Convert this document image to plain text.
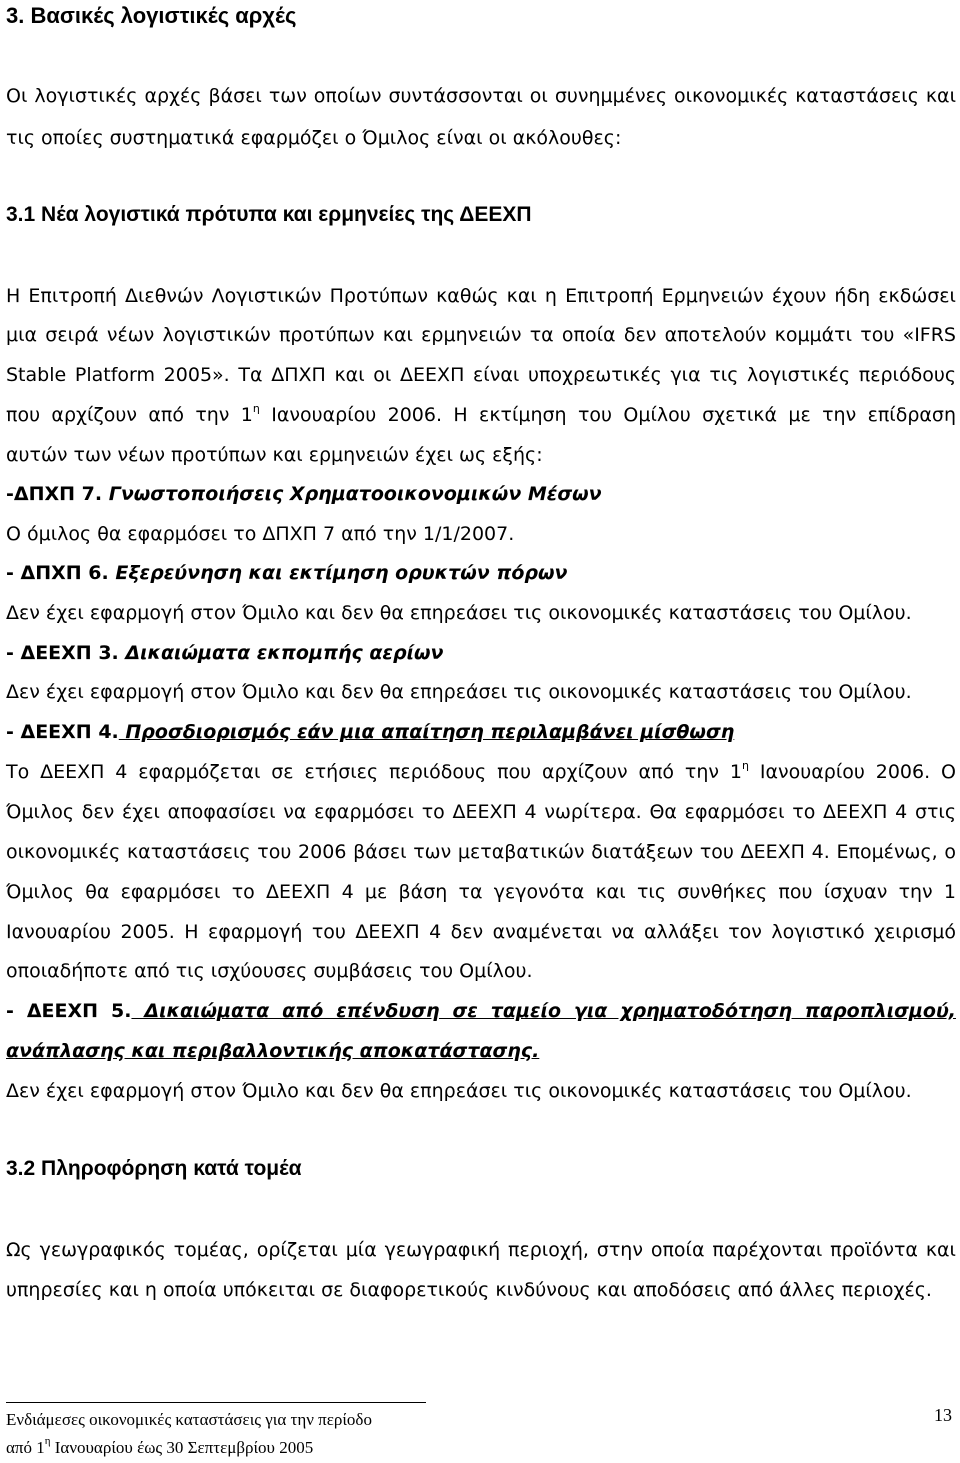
3. Βασικές λογιστικές αρχές
Οι λογιστικές αρχές βάσει των οποίων συντάσσονται οι συνημμένες οικονομικές καταστάσεις και
τις οποίες συστηματικά εφαρμόζει ο Όμιλος είναι οι ακόλουθες:
3.1 Νέα λογιστικά πρότυπα και ερμηνείες της ΔΕΕΧΠ
Η Επιτροπή Διεθνών Λογιστικών Προτύπων καθώς και η Επιτροπή Ερμηνειών έχουν ήδη εκδώσει
μια σειρά νέων λογιστικών προτύπων και ερμηνειών τα οποία δεν αποτελούν κομμάτι του «IFRS
Stable Platform 2005». Τα ΔΠΧΠ και οι ΔΕΕΧΠ είναι υποχρεωτικές για τις λογιστικές περιόδους
που αρχίζουν από την $1^\eta$ Ιανουαρίου 2006. Η εκτίμηση του Ομίλου σχετικά με την επίδραση
αυτών των νέων προτύπων και ερμηνειών έχει ως εξής:
-ΔΠΧΠ 7. Γνωστοποιήσεις Χρηματοοικονομικών Μέσων
Ο όμιλος θα εφαρμόσει το ΔΠΧΠ 7 από την 1/1/2007.
- ΔΠΧΠ 6. Εξερεύνηση και εκτίμηση ορυκτών πόρων
Δεν έχει εφαρμογή στον Όμιλο και δεν θα επηρεάσει τις οικονομικές καταστάσεις του Ομίλου.
- ΔΕΕΧΠ 3. Δικαιώματα εκπομπής αερίων
Δεν έχει εφαρμογή στον Όμιλο και δεν θα επηρεάσει τις οικονομικές καταστάσεις του Ομίλου.
- ΔΕΕΧΠ 4. Προσδιορισμός εάν μια απαίτηση περιλαμβάνει μίσθωση
Το ΔΕΕΧΠ 4 εφαρμόζεται σε ετήσιες περιόδους που αρχίζουν από την $1^\eta$ Ιανουαρίου 2006. Ο
Όμιλος δεν έχει αποφασίσει να εφαρμόσει το ΔΕΕΧΠ 4 νωρίτερα. Θα εφαρμόσει το ΔΕΕΧΠ 4 στις
οικονομικές καταστάσεις του 2006 βάσει των μεταβατικών διατάξεων του ΔΕΕΧΠ 4. Επομένως, ο
Όμιλος θα εφαρμόσει το ΔΕΕΧΠ 4 με βάση τα γεγονότα και τις συνθήκες που ίσχυαν την 1
Ιανουαρίου 2005. Η εφαρμογή του ΔΕΕΧΠ 4 δεν αναμένεται να αλλάξει τον λογιστικό χειρισμό
οποιαδήποτε από τις ισχύουσες συμβάσεις του Ομίλου.
- ΔΕΕΧΠ 5. Δικαιώματα από επένδυση σε ταμείο για χρηματοδότηση παροπλισμού,
ανάπλασης και περιβαλλοντικής αποκατάστασης.
Δεν έχει εφαρμογή στον Όμιλο και δεν θα επηρεάσει τις οικονομικές καταστάσεις του Ομίλου.
3.2 Πληροφόρηση κατά τομέα
Ως γεωγραφικός τομέας, ορίζεται μία γεωγραφική περιοχή, στην οποία παρέχονται προϊόντα και
υπηρεσίες και η οποία υπόκειται σε διαφορετικούς κινδύνους και αποδόσεις από άλλες περιοχές.
Ενδιάμεσες οικονομικές καταστάσεις για την περίοδο
από $1^\eta$ Ιανουαρίου έως 30 Σεπτεμβρίου 2005
13
